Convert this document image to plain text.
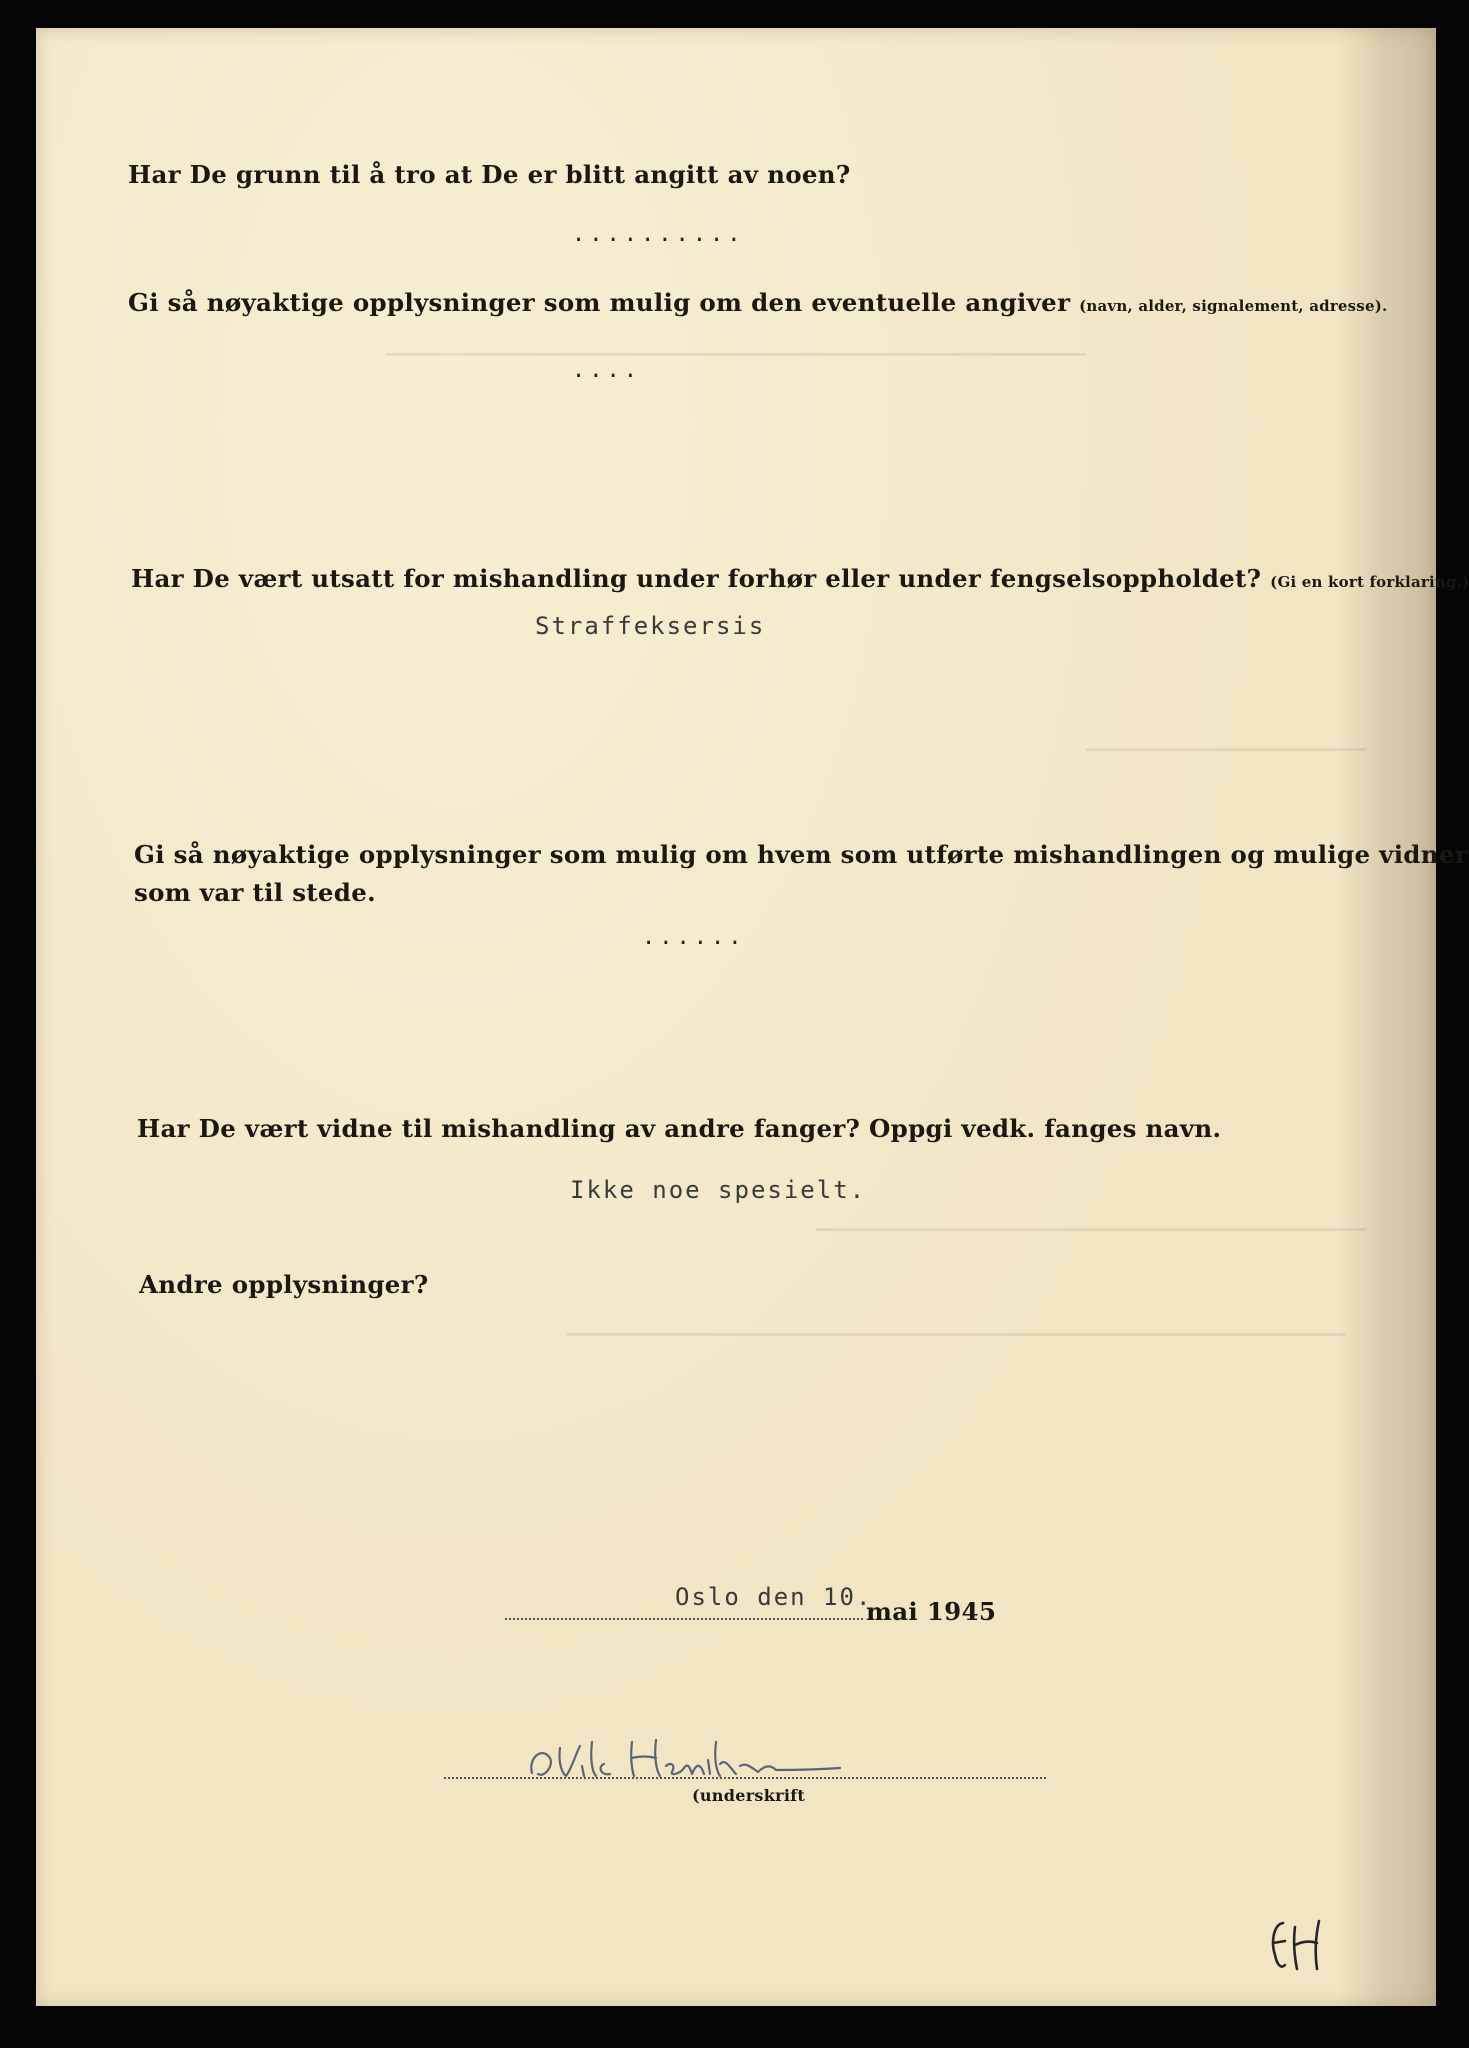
Har De grunn til å tro at De er blitt angitt av noen?

..........

Gi så nøyaktige opplysninger som mulig om den eventuelle angiver (navn, alder, signalement, adresse).

....

Har De vært utsatt for mishandling under forhør eller under fengselsoppholdet? (Gi en kort forklaring.)

Straffeksersis

Gi så nøyaktige opplysninger som mulig om hvem som utførte mishandlingen og mulige vidner

som var til stede.

......

Har De vært vidne til mishandling av andre fanger? Oppgi vedk. fanges navn.

Ikke noe spesielt.

Andre opplysninger?

Oslo den 10.

mai 1945

(underskrift
